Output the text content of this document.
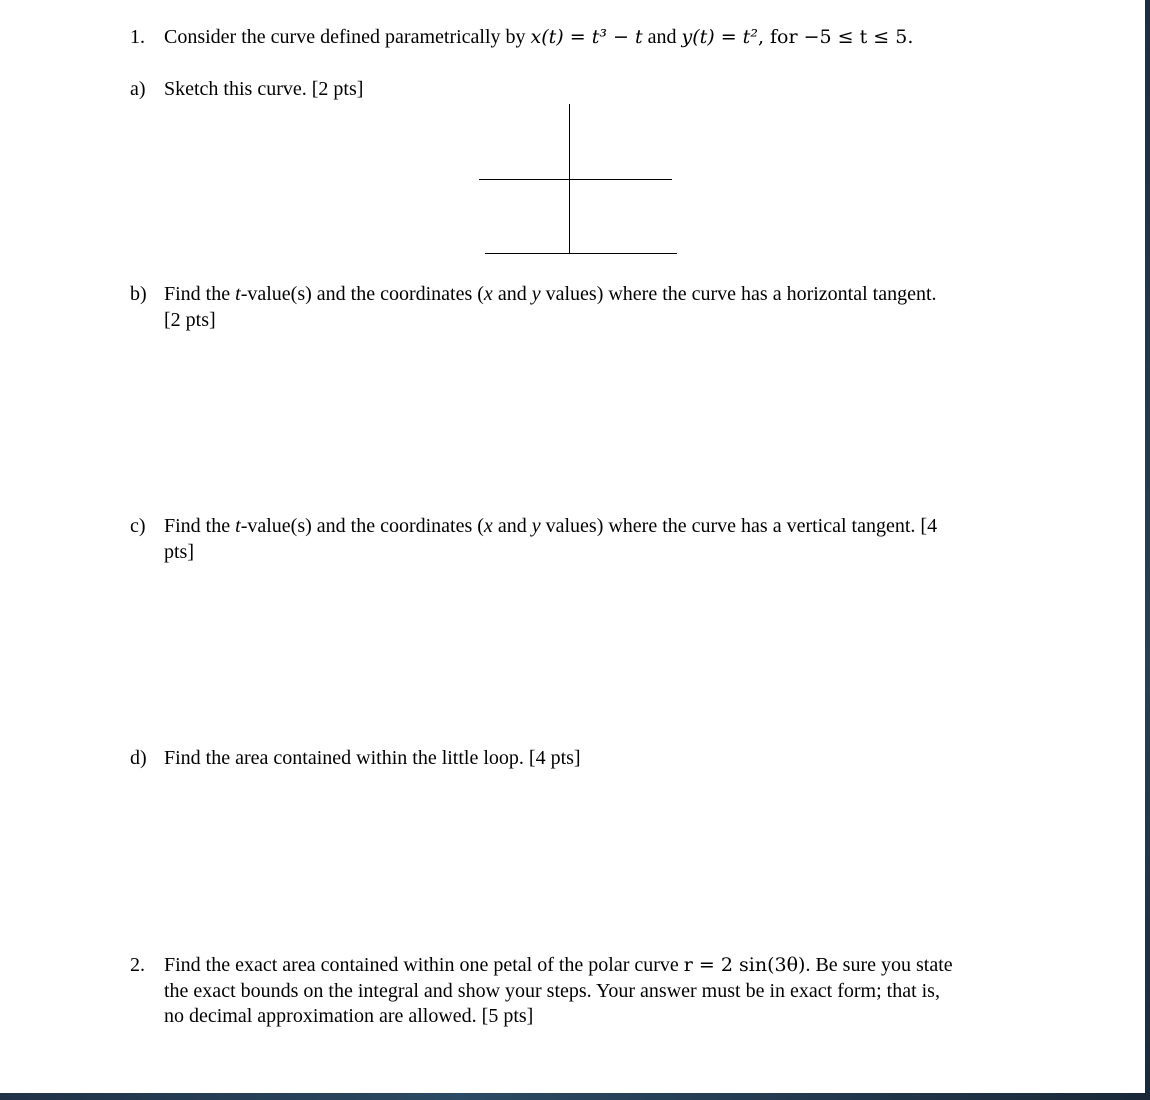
1. Consider the curve defined parametrically by x(t) = t³ − t and y(t) = t², for −5 ≤ t ≤ 5.
a) Sketch this curve. [2 pts]
b) Find the t-value(s) and the coordinates (x and y values) where the curve has a horizontal tangent.
[2 pts]
c) Find the t-value(s) and the coordinates (x and y values) where the curve has a vertical tangent. [4
pts]
d) Find the area contained within the little loop. [4 pts]
2. Find the exact area contained within one petal of the polar curve r = 2 sin(3θ). Be sure you state
the exact bounds on the integral and show your steps. Your answer must be in exact form; that is,
no decimal approximation are allowed. [5 pts]
